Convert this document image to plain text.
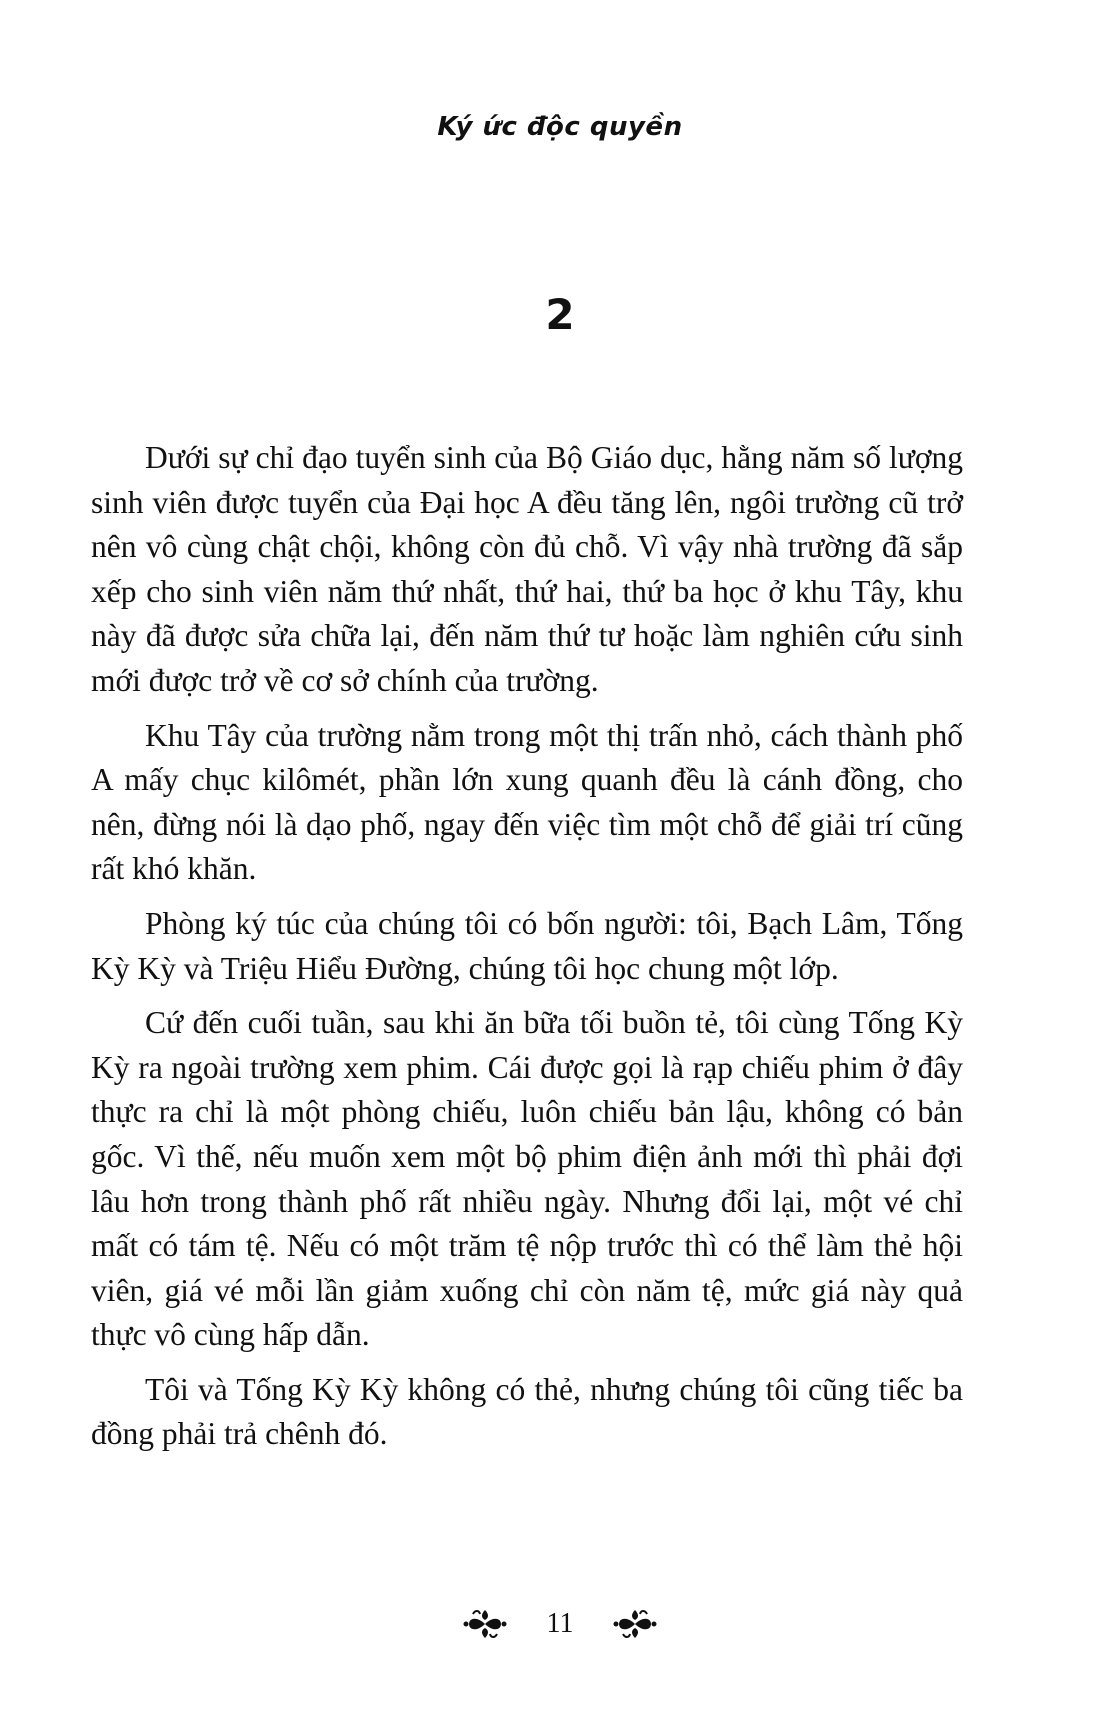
Ký ức độc quyền
2

Dưới sự chỉ đạo tuyển sinh của Bộ Giáo dục, hằng năm số lượng sinh viên được tuyển của Đại học A đều tăng lên, ngôi trường cũ trở nên vô cùng chật chội, không còn đủ chỗ. Vì vậy nhà trường đã sắp xếp cho sinh viên năm thứ nhất, thứ hai, thứ ba học ở khu Tây, khu này đã được sửa chữa lại, đến năm thứ tư hoặc làm nghiên cứu sinh mới được trở về cơ sở chính của trường.

Khu Tây của trường nằm trong một thị trấn nhỏ, cách thành phố A mấy chục kilômét, phần lớn xung quanh đều là cánh đồng, cho nên, đừng nói là dạo phố, ngay đến việc tìm một chỗ để giải trí cũng rất khó khăn.

Phòng ký túc của chúng tôi có bốn người: tôi, Bạch Lâm, Tống Kỳ Kỳ và Triệu Hiểu Đường, chúng tôi học chung một lớp.

Cứ đến cuối tuần, sau khi ăn bữa tối buồn tẻ, tôi cùng Tống Kỳ Kỳ ra ngoài trường xem phim. Cái được gọi là rạp chiếu phim ở đây thực ra chỉ là một phòng chiếu, luôn chiếu bản lậu, không có bản gốc. Vì thế, nếu muốn xem một bộ phim điện ảnh mới thì phải đợi lâu hơn trong thành phố rất nhiều ngày. Nhưng đổi lại, một vé chỉ mất có tám tệ. Nếu có một trăm tệ nộp trước thì có thể làm thẻ hội viên, giá vé mỗi lần giảm xuống chỉ còn năm tệ, mức giá này quả thực vô cùng hấp dẫn.

Tôi và Tống Kỳ Kỳ không có thẻ, nhưng chúng tôi cũng tiếc ba đồng phải trả chênh đó.

11
